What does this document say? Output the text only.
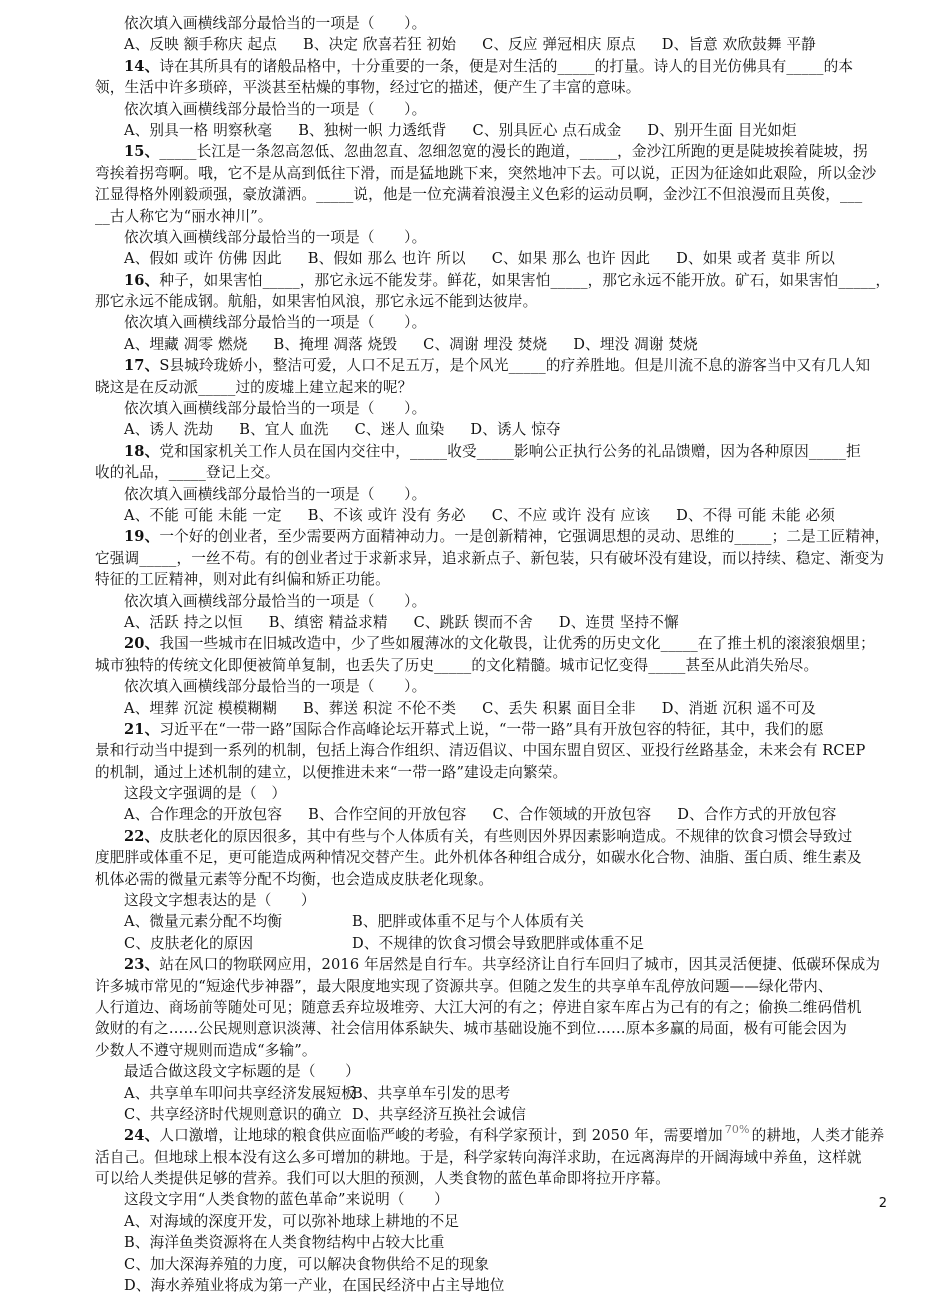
依次填入画横线部分最恰当的一项是（　　）。
A、反映 额手称庆 起点 B、决定 欣喜若狂 初始 C、反应 弹冠相庆 原点 D、旨意 欢欣鼓舞 平静
14、诗在其所具有的诸般品格中，十分重要的一条，便是对生活的_____的打量。诗人的目光仿佛具有_____的本
领，生活中许多琐碎，平淡甚至枯燥的事物，经过它的描述，便产生了丰富的意味。
依次填入画横线部分最恰当的一项是（　　）。
A、别具一格 明察秋毫 B、独树一帜 力透纸背 C、别具匠心 点石成金 D、别开生面 目光如炬
15、_____长江是一条忽高忽低、忽曲忽直、忽细忽宽的漫长的跑道，_____，金沙江所跑的更是陡坡挨着陡坡，拐
弯挨着拐弯啊。哦，它不是从高到低往下滑，而是猛地跳下来，突然地冲下去。可以说，正因为征途如此艰险，所以金沙
江显得格外刚毅顽强，豪放潇洒。_____说，他是一位充满着浪漫主义色彩的运动员啊，金沙江不但浪漫而且英俊，___
__古人称它为“丽水神川”。
依次填入画横线部分最恰当的一项是（　　）。
A、假如 或许 仿佛 因此 B、假如 那么 也许 所以 C、如果 那么 也许 因此 D、如果 或者 莫非 所以
16、种子，如果害怕_____，那它永远不能发芽。鲜花，如果害怕_____，那它永远不能开放。矿石，如果害怕_____，
那它永远不能成钢。航船，如果害怕风浪，那它永远不能到达彼岸。
依次填入画横线部分最恰当的一项是（　　）。
A、埋藏 凋零 燃烧 B、掩埋 凋落 烧毁 C、凋谢 埋没 焚烧 D、埋没 凋谢 焚烧
17、S县城玲珑娇小，整洁可爱，人口不足五万，是个风光_____的疗养胜地。但是川流不息的游客当中又有几人知
晓这是在反动派_____过的废墟上建立起来的呢？
依次填入画横线部分最恰当的一项是（　　）。
A、诱人 洗劫 B、宜人 血洗 C、迷人 血染 D、诱人 惊夺
18、党和国家机关工作人员在国内交往中，_____收受_____影响公正执行公务的礼品馈赠，因为各种原因_____拒
收的礼品，_____登记上交。
依次填入画横线部分最恰当的一项是（　　）。
A、不能 可能 未能 一定 B、不该 或许 没有 务必 C、不应 或许 没有 应该 D、不得 可能 未能 必须
19、一个好的创业者，至少需要两方面精神动力。一是创新精神，它强调思想的灵动、思维的_____；二是工匠精神，
它强调_____，一丝不苟。有的创业者过于求新求异，追求新点子、新包装，只有破坏没有建设，而以持续、稳定、渐变为
特征的工匠精神，则对此有纠偏和矫正功能。
依次填入画横线部分最恰当的一项是（　　）。
A、活跃 持之以恒 B、缜密 精益求精 C、跳跃 锲而不舍 D、连贯 坚持不懈
20、我国一些城市在旧城改造中，少了些如履薄冰的文化敬畏，让优秀的历史文化_____在了推土机的滚滚狼烟里；
城市独特的传统文化即便被简单复制，也丢失了历史_____的文化精髓。城市记忆变得_____甚至从此消失殆尽。
依次填入画横线部分最恰当的一项是（　　）。
A、埋葬 沉淀 模模糊糊 B、葬送 积淀 不伦不类 C、丢失 积累 面目全非 D、消逝 沉积 遥不可及
21、习近平在“一带一路”国际合作高峰论坛开幕式上说，“一带一路”具有开放包容的特征，其中，我们的愿
景和行动当中提到一系列的机制，包括上海合作组织、清迈倡议、中国东盟自贸区、亚投行丝路基金，未来会有 RCEP
的机制，通过上述机制的建立，以便推进未来“一带一路”建设走向繁荣。
这段文字强调的是（　）
A、合作理念的开放包容 B、合作空间的开放包容 C、合作领域的开放包容 D、合作方式的开放包容
22、皮肤老化的原因很多，其中有些与个人体质有关，有些则因外界因素影响造成。不规律的饮食习惯会导致过
度肥胖或体重不足，更可能造成两种情况交替产生。此外机体各种组合成分，如碳水化合物、油脂、蛋白质、维生素及
机体必需的微量元素等分配不均衡，也会造成皮肤老化现象。
这段文字想表达的是（　　）
A、微量元素分配不均衡	B、肥胖或体重不足与个人体质有关
C、皮肤老化的原因	D、不规律的饮食习惯会导致肥胖或体重不足
23、站在风口的物联网应用，2016 年居然是自行车。共享经济让自行车回归了城市，因其灵活便捷、低碳环保成为
许多城市常见的“短途代步神器”，最大限度地实现了资源共享。但随之发生的共享单车乱停放问题——绿化带内、
人行道边、商场前等随处可见；随意丢弃垃圾堆旁、大江大河的有之；停进自家车库占为己有的有之；偷换二维码借机
敛财的有之……公民规则意识淡薄、社会信用体系缺失、城市基础设施不到位……原本多赢的局面，极有可能会因为
少数人不遵守规则而造成“多输”。
最适合做这段文字标题的是（　　）
A、共享单车叩问共享经济发展短板
B、共享单车引发的思考
C、共享经济时代规则意识的确立 D、共享经济互换社会诚信
24、人口激增，让地球的粮食供应面临严峻的考验，有科学家预计，到 2050 年，需要增加 70% 的耕地，人类才能养
活自己。但地球上根本没有这么多可增加的耕地。于是，科学家转向海洋求助，在远离海岸的开阔海域中养鱼，这样就
可以给人类提供足够的营养。我们可以大胆的预测，人类食物的蓝色革命即将拉开序幕。
这段文字用“人类食物的蓝色革命”来说明（　　）
A、对海域的深度开发，可以弥补地球上耕地的不足
B、海洋鱼类资源将在人类食物结构中占较大比重
C、加大深海养殖的力度，可以解决食物供给不足的现象
D、海水养殖业将成为第一产业，在国民经济中占主导地位
2
